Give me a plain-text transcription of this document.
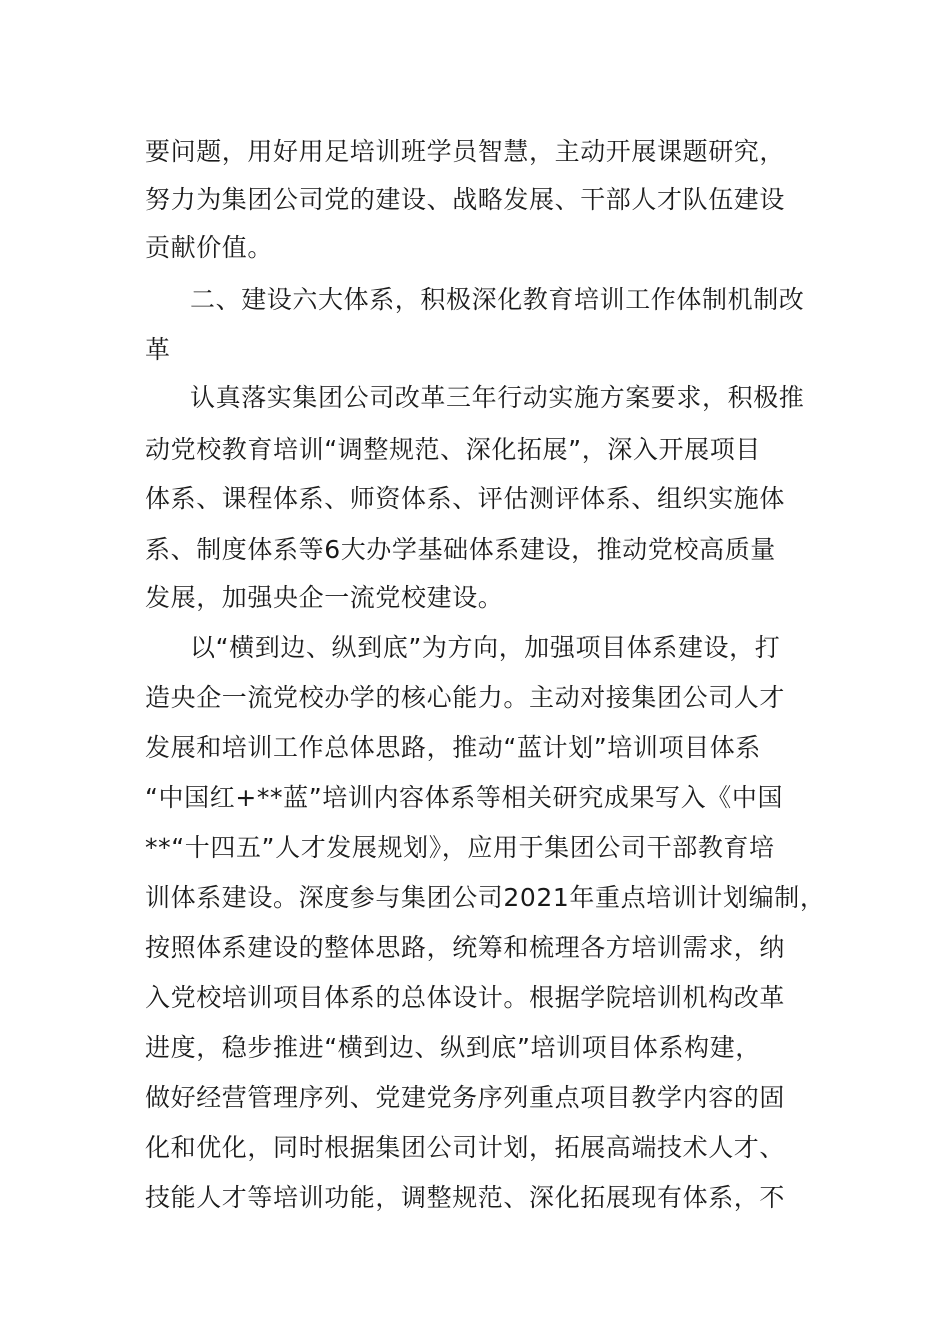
要问题，用好用足培训班学员智慧，主动开展课题研究，
努力为集团公司党的建设、战略发展、干部人才队伍建设
贡献价值。
二、建设六大体系，积极深化教育培训工作体制机制改
革
认真落实集团公司改革三年行动实施方案要求，积极推
动党校教育培训“调整规范、深化拓展”，深入开展项目
体系、课程体系、师资体系、评估测评体系、组织实施体
系、制度体系等6大办学基础体系建设，推动党校高质量
发展，加强央企一流党校建设。
以“横到边、纵到底”为方向，加强项目体系建设，打
造央企一流党校办学的核心能力。主动对接集团公司人才
发展和培训工作总体思路，推动“蓝计划”培训项目体系
“中国红+**蓝”培训内容体系等相关研究成果写入《中国
**“十四五”人才发展规划》，应用于集团公司干部教育培
训体系建设。深度参与集团公司2021年重点培训计划编制，
按照体系建设的整体思路，统筹和梳理各方培训需求，纳
入党校培训项目体系的总体设计。根据学院培训机构改革
进度，稳步推进“横到边、纵到底”培训项目体系构建，
做好经营管理序列、党建党务序列重点项目教学内容的固
化和优化，同时根据集团公司计划，拓展高端技术人才、
技能人才等培训功能，调整规范、深化拓展现有体系，不
